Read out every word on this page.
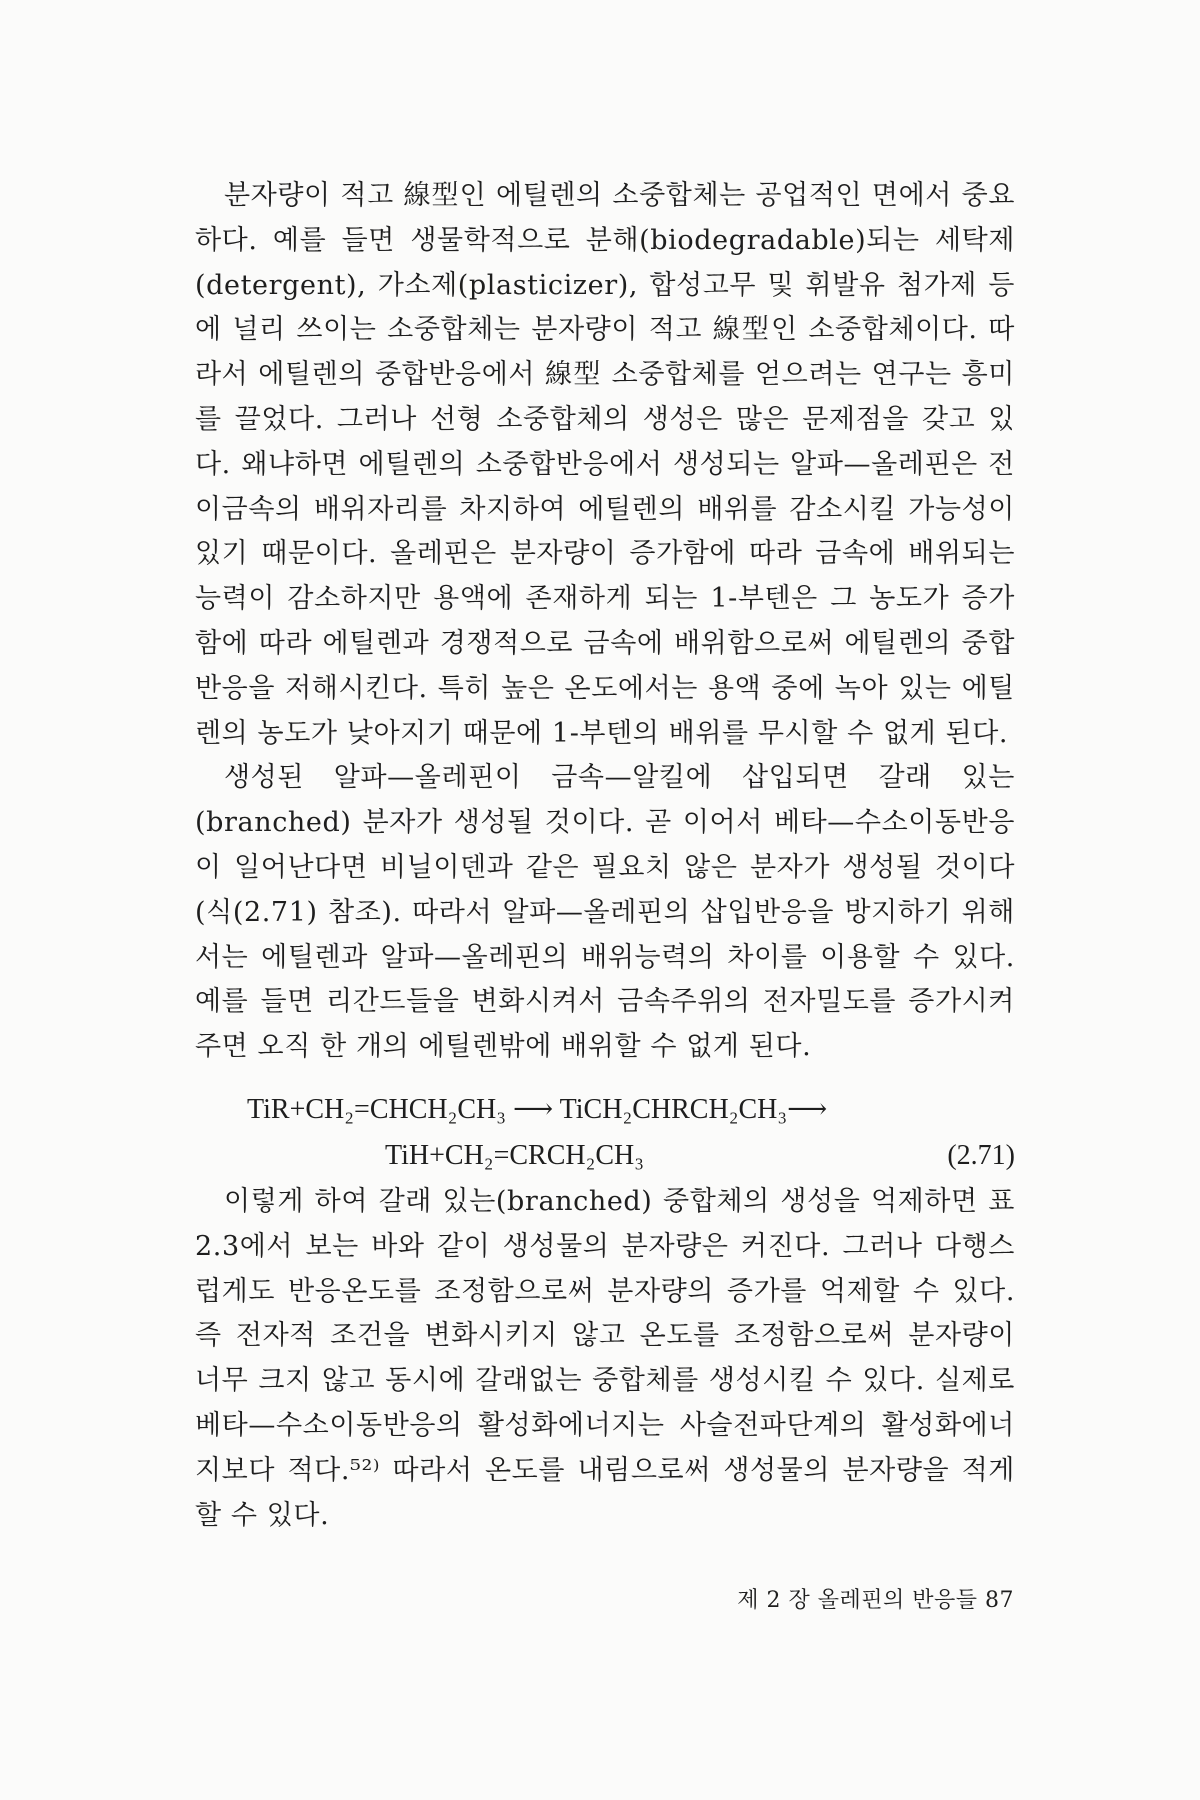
분자량이 적고 線型인 에틸렌의 소중합체는 공업적인 면에서 중요하다. 예를 들면 생물학적으로 분해(biodegradable)되는 세탁제(detergent), 가소제(plasticizer), 합성고무 및 휘발유 첨가제 등에 널리 쓰이는 소중합체는 분자량이 적고 線型인 소중합체이다. 따라서 에틸렌의 중합반응에서 線型 소중합체를 얻으려는 연구는 흥미를 끌었다. 그러나 선형 소중합체의 생성은 많은 문제점을 갖고 있다. 왜냐하면 에틸렌의 소중합반응에서 생성되는 알파—올레핀은 전이금속의 배위자리를 차지하여 에틸렌의 배위를 감소시킬 가능성이 있기 때문이다. 올레핀은 분자량이 증가함에 따라 금속에 배위되는 능력이 감소하지만 용액에 존재하게 되는 1-부텐은 그 농도가 증가함에 따라 에틸렌과 경쟁적으로 금속에 배위함으로써 에틸렌의 중합반응을 저해시킨다. 특히 높은 온도에서는 용액 중에 녹아 있는 에틸렌의 농도가 낮아지기 때문에 1-부텐의 배위를 무시할 수 없게 된다.

생성된 알파—올레핀이 금속—알킬에 삽입되면 갈래 있는(branched) 분자가 생성될 것이다. 곧 이어서 베타—수소이동반응이 일어난다면 비닐이덴과 같은 필요치 않은 분자가 생성될 것이다(식(2.71) 참조). 따라서 알파—올레핀의 삽입반응을 방지하기 위해서는 에틸렌과 알파—올레핀의 배위능력의 차이를 이용할 수 있다. 예를 들면 리간드들을 변화시켜서 금속주위의 전자밀도를 증가시켜주면 오직 한 개의 에틸렌밖에 배위할 수 없게 된다.

TiR+CH₂=CHCH₂CH₃ ⟶ TiCH₂CHRCH₂CH₃⟶
TiH+CH₂=CRCH₂CH₃	(2.71)

이렇게 하여 갈래 있는(branched) 중합체의 생성을 억제하면 표 2.3에서 보는 바와 같이 생성물의 분자량은 커진다. 그러나 다행스럽게도 반응온도를 조정함으로써 분자량의 증가를 억제할 수 있다. 즉 전자적 조건을 변화시키지 않고 온도를 조정함으로써 분자량이 너무 크지 않고 동시에 갈래없는 중합체를 생성시킬 수 있다. 실제로 베타—수소이동반응의 활성화에너지는 사슬전파단계의 활성화에너지보다 적다.⁵²⁾ 따라서 온도를 내림으로써 생성물의 분자량을 적게 할 수 있다.

제 2 장 올레핀의 반응들 87
